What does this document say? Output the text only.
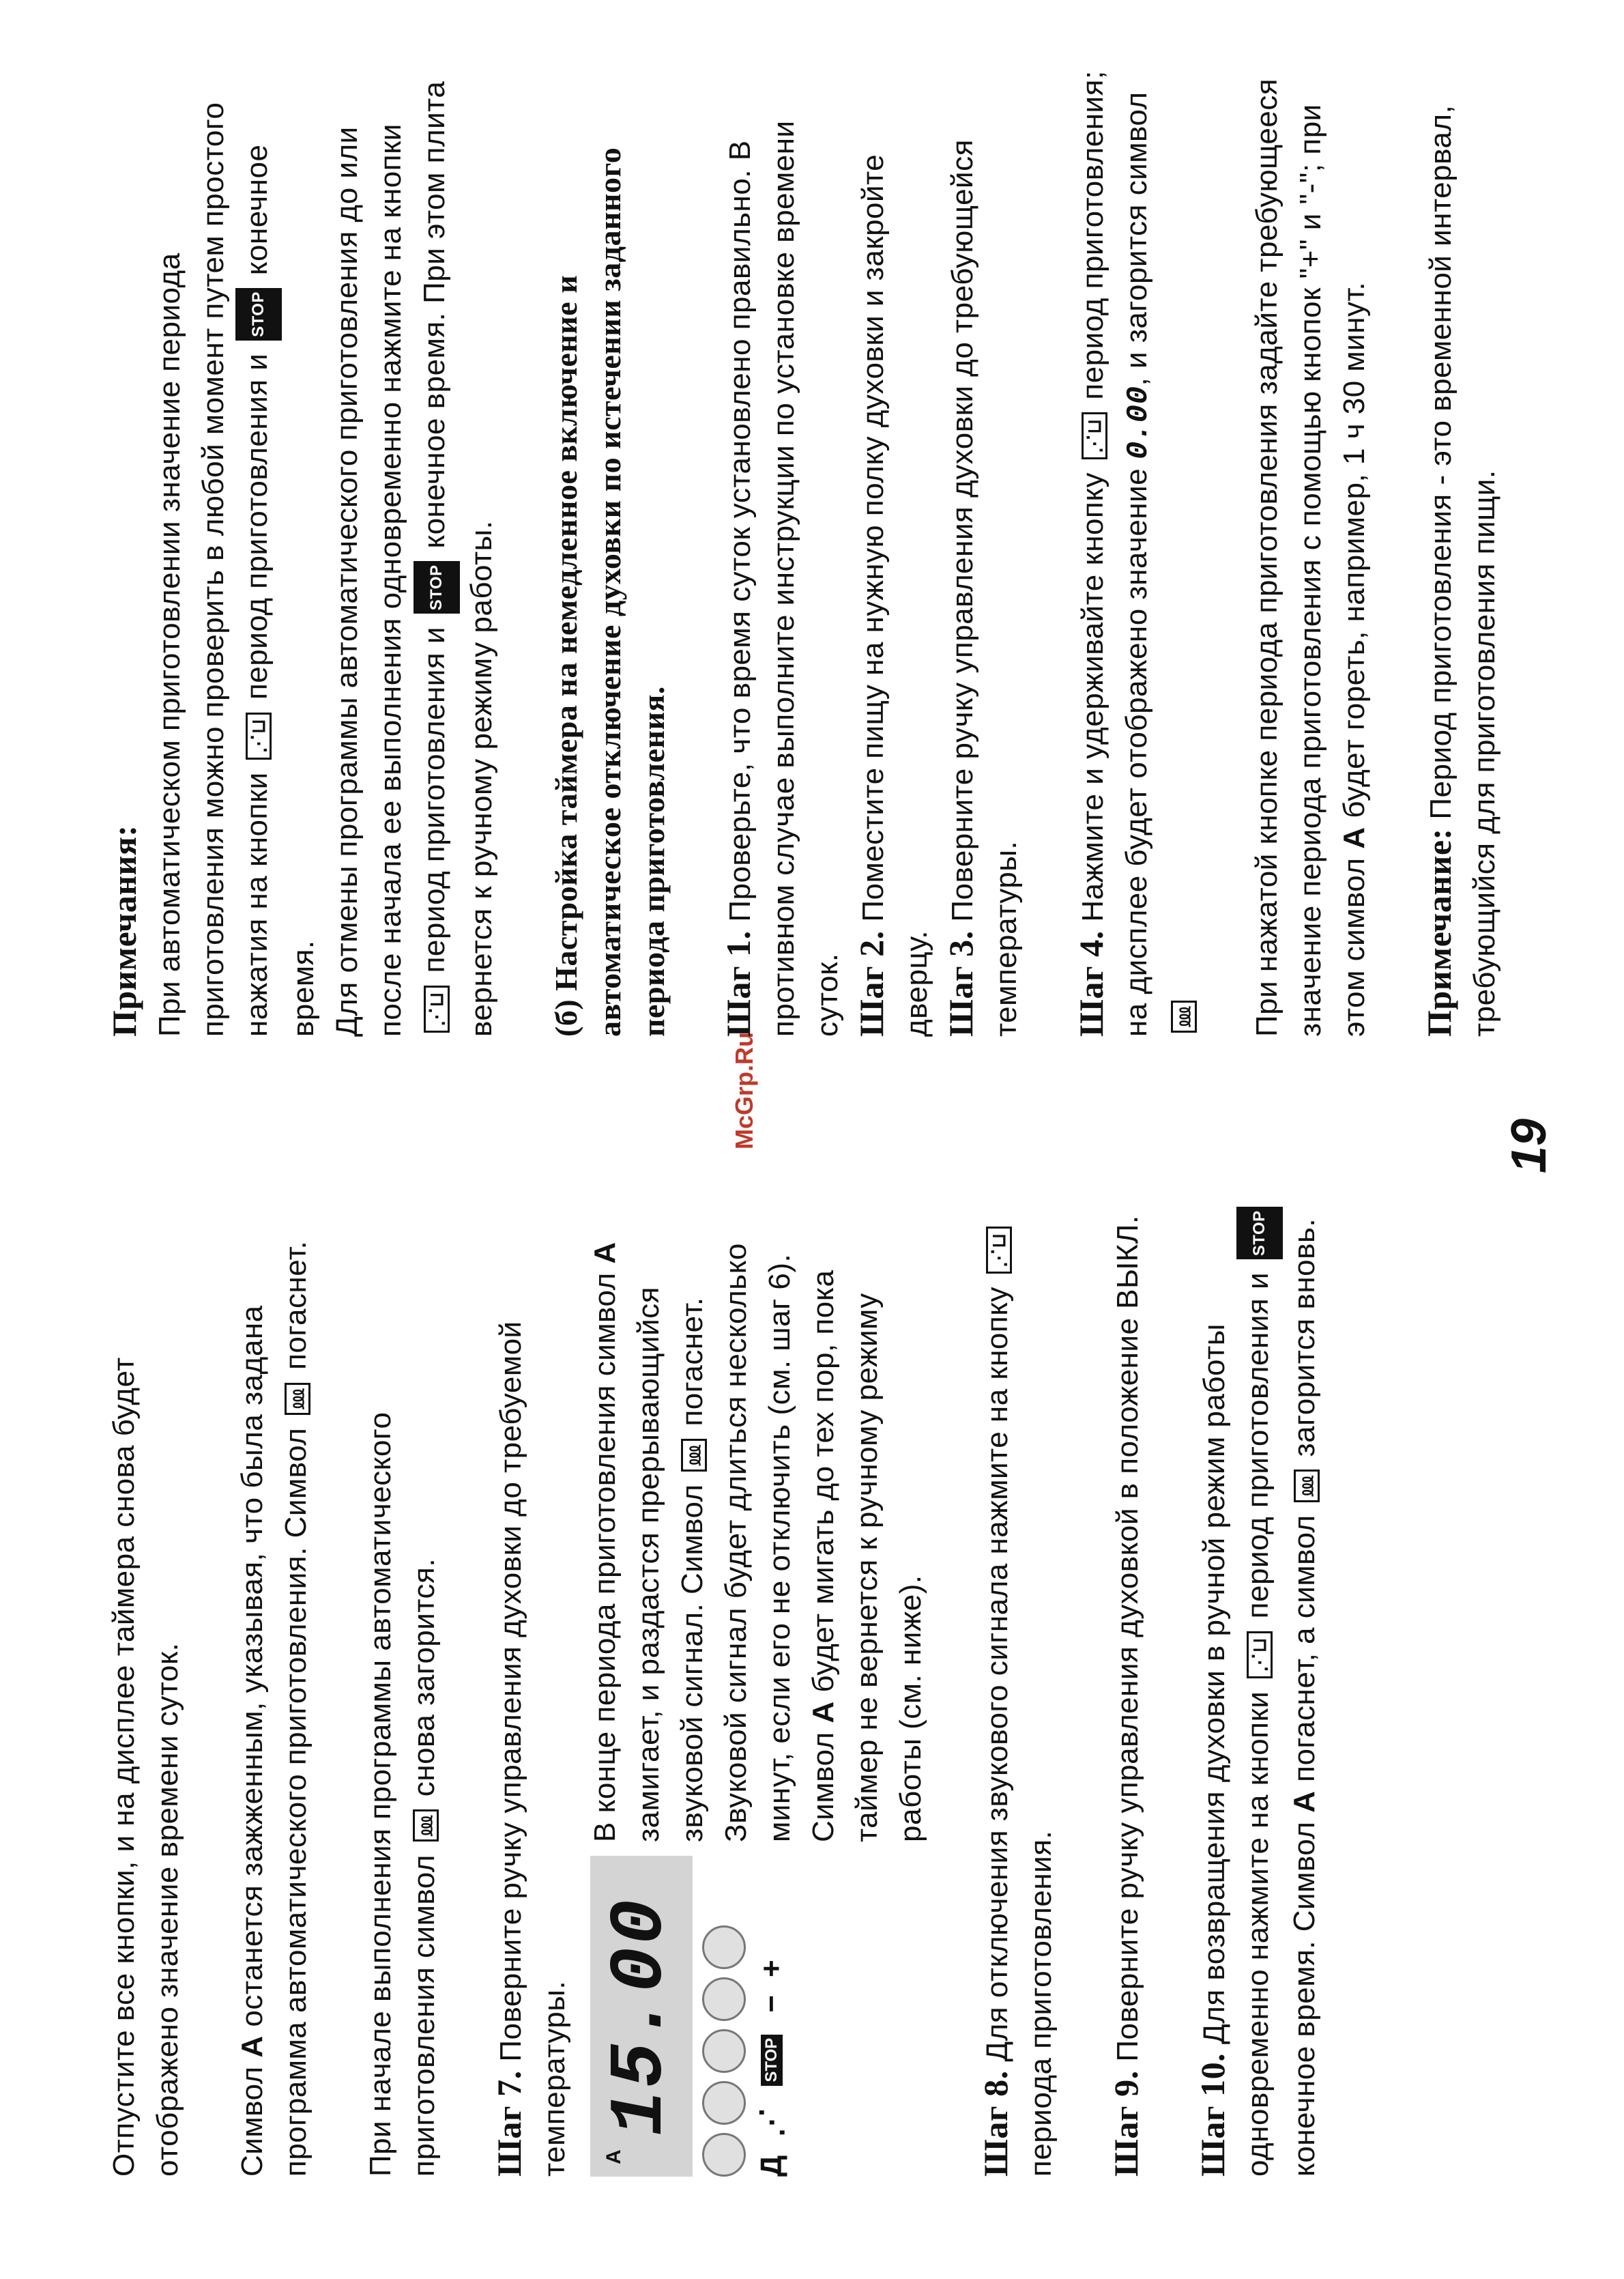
Отпустите все кнопки, и на дисплее таймера снова будет отображено значение времени суток. Символ А останется зажженным, указывая, что была задана программа автоматического приготовления. Символ ⅏ погаснет.

При начале выполнения программы автоматического приготовления символ ⅏ снова загорится.

Шаг 7. Поверните ручку управления духовки до требуемой температуры. A
15.00
Д
⋰
STOP
−
+

В конце периода приготовления символ А замигает, и раздастся прерывающийся звуковой сигнал. Символ ⅏ погаснет. Звуковой сигнал будет длиться несколько минут, если его не отключить (см. шаг 6). Символ А будет мигать до тех пор, пока таймер не вернется к ручному режиму работы (см. ниже).

Шаг 8. Для отключения звукового сигнала нажмите на кнопку ⋰⊔ периода приготовления. Шаг 9. Поверните ручку управления духовкой в положение ВЫКЛ.

Шаг 10. Для возвращения духовки в ручной режим работы одновременно нажмите на кнопки ⋰⊔ период приготовления и STOP конечное время. Символ А погаснет, а символ ⅏ загорится вновь.

McGrp.Ru

Примечания: При автоматическом приготовлении значение периода приготовления можно проверить в любой момент путем простого нажатия на кнопки ⋰⊔ период приготовления и STOP конечное время. Для отмены программы автоматического приготовления до или после начала ее выполнения одновременно нажмите на кнопки ⋰⊔ период приготовления и STOP конечное время. При этом плита вернется к ручному режиму работы. (б) Настройка таймера на немедленное включение и автоматическое отключение духовки по истечении заданного периода приготовления. Шаг 1. Проверьте, что время суток установлено правильно. В противном случае выполните инструкции по установке времени суток. Шаг 2. Поместите пищу на нужную полку духовки и закройте дверцу. Шаг 3. Поверните ручку управления духовки до требующейся температуры. Шаг 4. Нажмите и удерживайте кнопку ⋰⊔ период приготовления; на дисплее будет отображено значение 0.00, и загорится символ ⅏	При нажатой кнопке периода приготовления задайте требующееся значение периода приготовления с помощью кнопок "+" и "-"; при этом символ А будет гореть, например, 1 ч 30 минут.

Примечание: Период приготовления - это временной интервал, требующийся для приготовления пищи.

19
